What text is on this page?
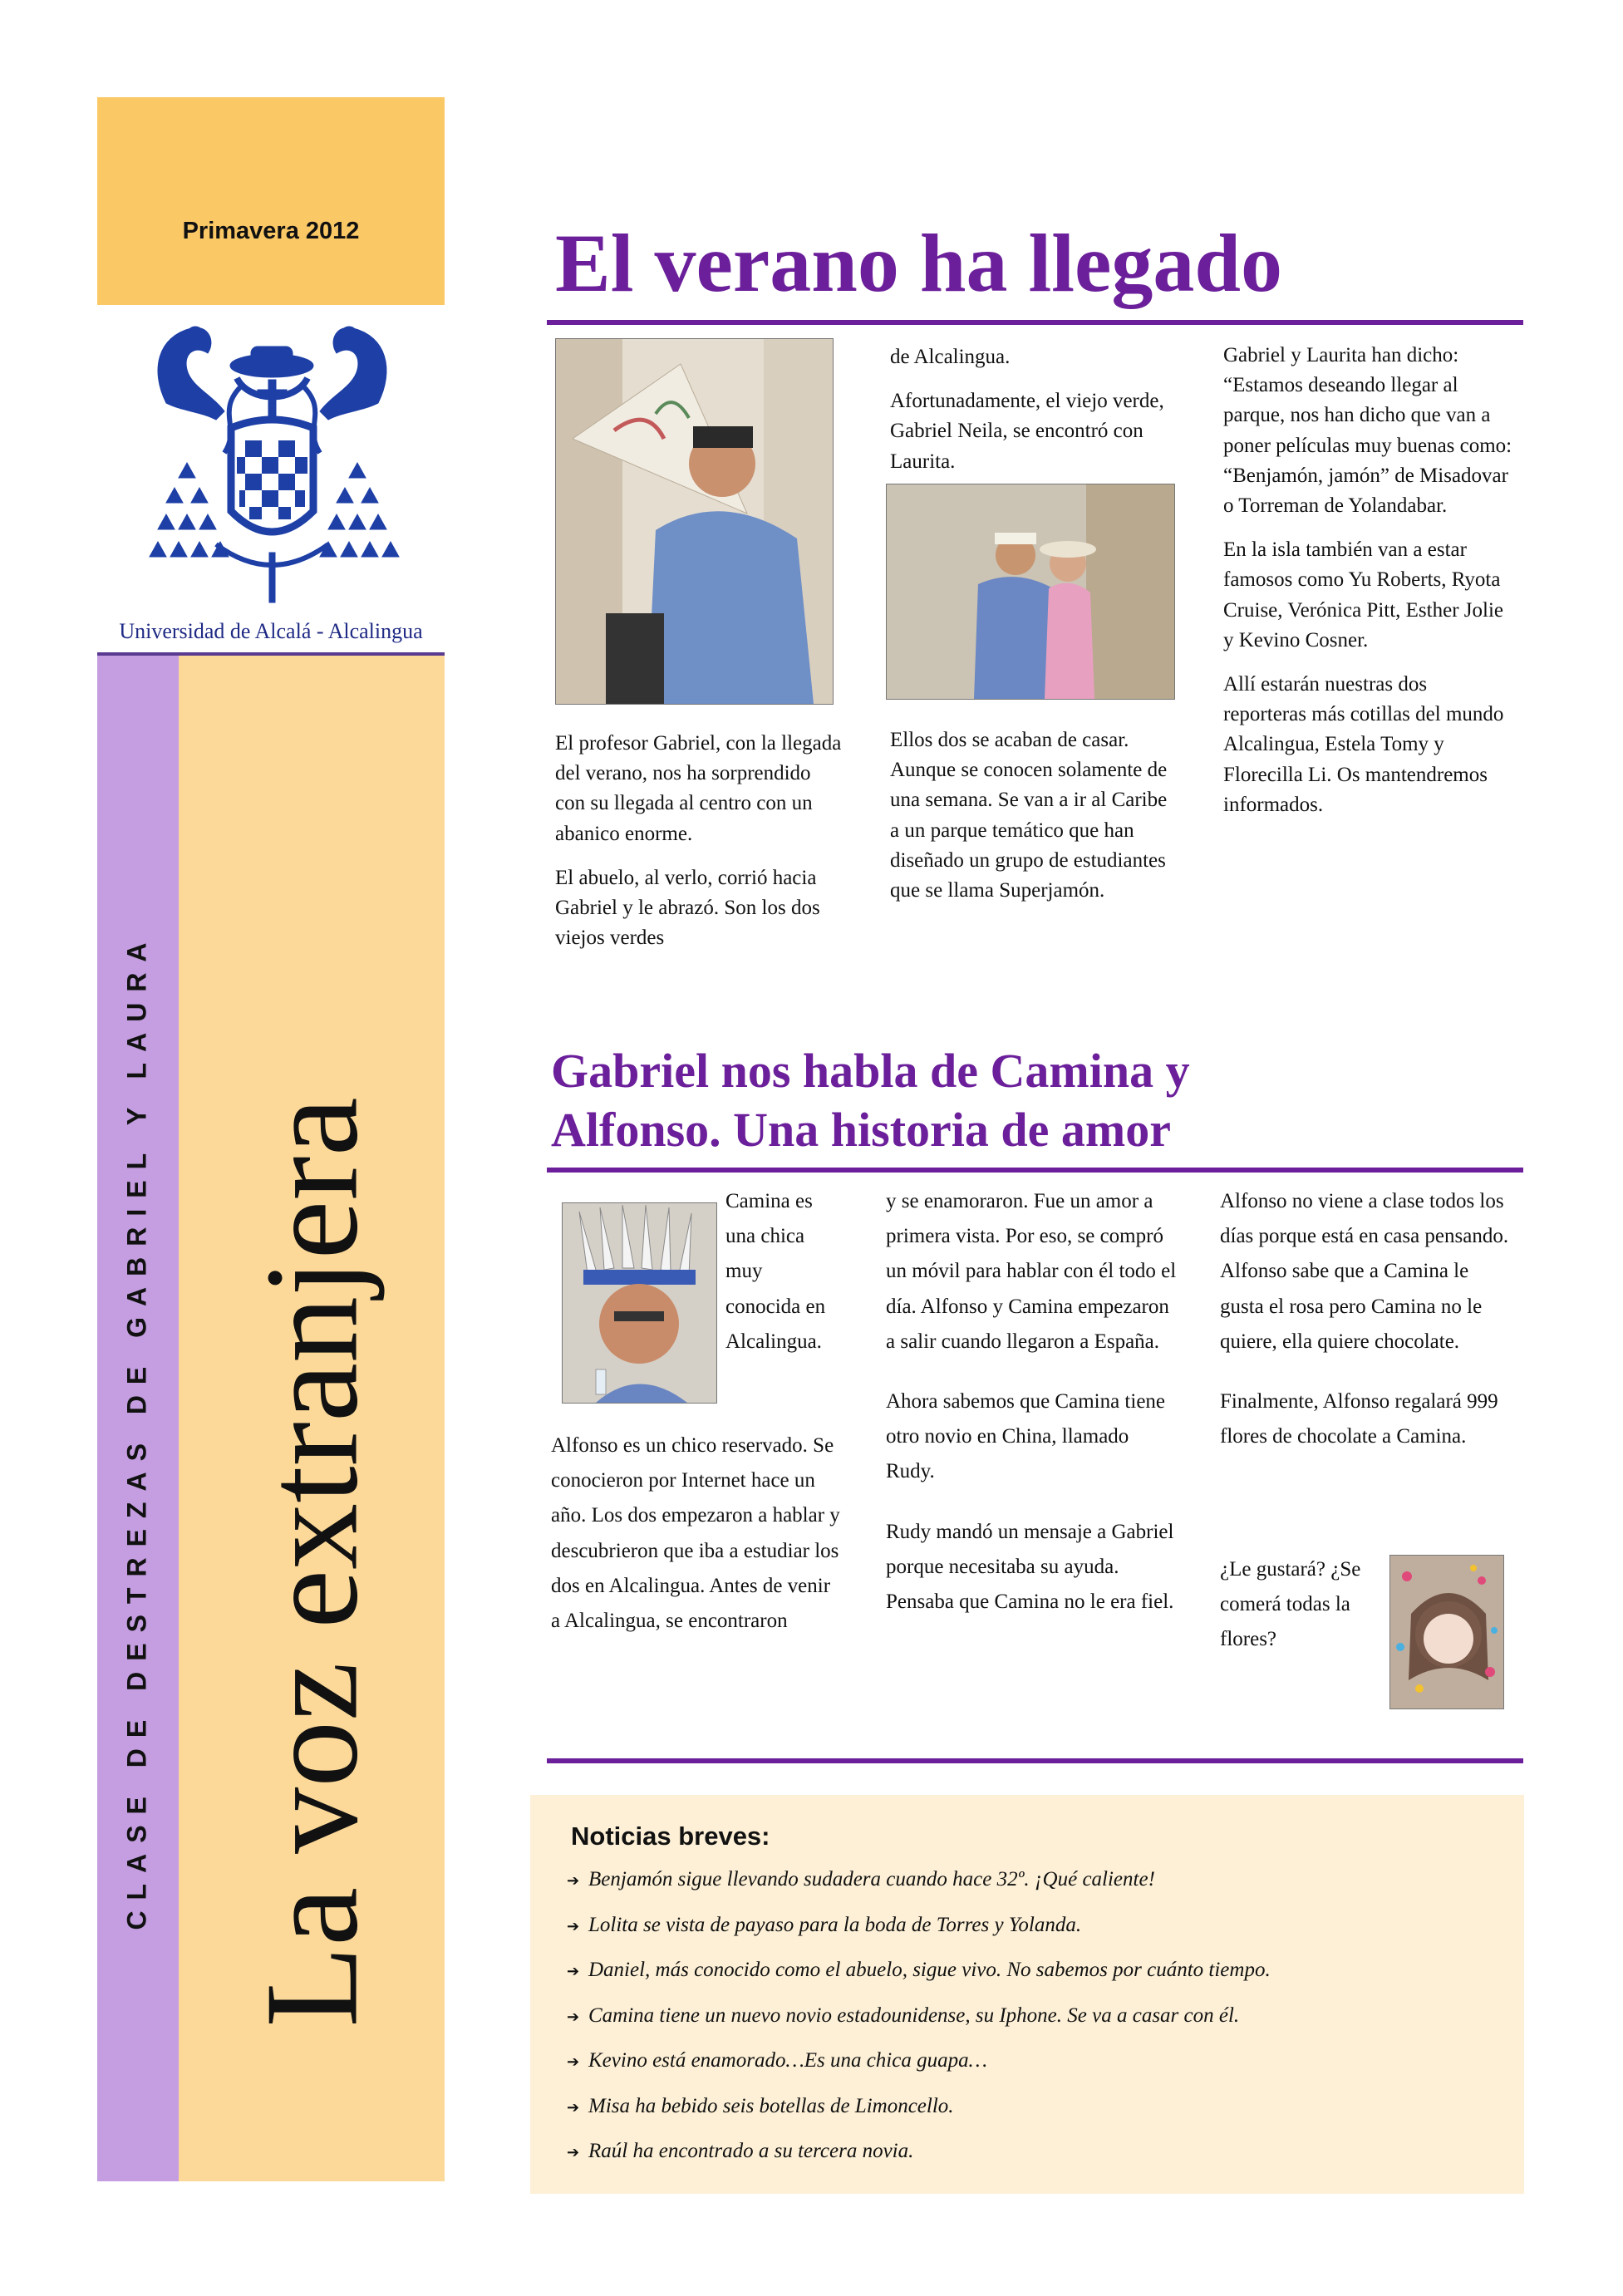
Primavera 2012
Universidad de Alcalá - Alcalingua
CLASE DE DESTREZAS DE GABRIEL Y LAURA La voz extranjera
El verano ha llegado

El profesor Gabriel, con la llegada del verano, nos ha sorprendido con su llegada al centro con un abanico enorme.

El abuelo, al verlo, corrió hacia Gabriel y le abrazó. Son los dos viejos verdes

de Alcalingua.

Afortunadamente, el viejo verde, Gabriel Neila, se encontró con Laurita.

Ellos dos se acaban de casar. Aunque se conocen solamente de una semana. Se van a ir al Caribe a un parque temático que han diseñado un grupo de estudiantes que se llama Superjamón.

Gabriel y Laurita han dicho: “Estamos deseando llegar al parque, nos han dicho que van a poner películas muy buenas como: “Benjamón, jamón” de Misadovar o Torreman de Yolandabar.

En la isla también van a estar famosos como Yu Roberts, Ryota Cruise, Verónica Pitt, Esther Jolie y Kevino Cosner.

Allí estarán nuestras dos reporteras más cotillas del mundo Alcalingua, Estela Tomy y Florecilla Li. Os mantendremos informados.

Gabriel nos habla de Camina y
Alfonso. Una historia de amor
Camina es una chica muy conocida en Alcalingua.
Alfonso es un chico reservado. Se conocieron por Internet hace un año. Los dos empezaron a hablar y descubrieron que iba a estudiar los dos en Alcalingua. Antes de venir a Alcalingua, se encontraron

y se enamoraron. Fue un amor a primera vista. Por eso, se compró un móvil para hablar con él todo el día. Alfonso y Camina empezaron a salir cuando llegaron a España.

Ahora sabemos que Camina tiene otro novio en China, llamado Rudy.

Rudy mandó un mensaje a Gabriel porque necesitaba su ayuda. Pensaba que Camina no le era fiel.

Alfonso no viene a clase todos los días porque está en casa pensando. Alfonso sabe que a Camina le gusta el rosa pero Camina no le quiere, ella quiere chocolate.

Finalmente, Alfonso regalará 999 flores de chocolate a Camina.

¿Le gustará? ¿Se comerá todas la flores?
Noticias breves:
➔ Benjamón sigue llevando sudadera cuando hace 32º. ¡Qué caliente!
➔ Lolita se vista de payaso para la boda de Torres y Yolanda.
➔ Daniel, más conocido como el abuelo, sigue vivo. No sabemos por cuánto tiempo.
➔ Camina tiene un nuevo novio estadounidense, su Iphone. Se va a casar con él.
➔ Kevino está enamorado…Es una chica guapa…
➔ Misa ha bebido seis botellas de Limoncello.
➔ Raúl ha encontrado a su tercera novia.
